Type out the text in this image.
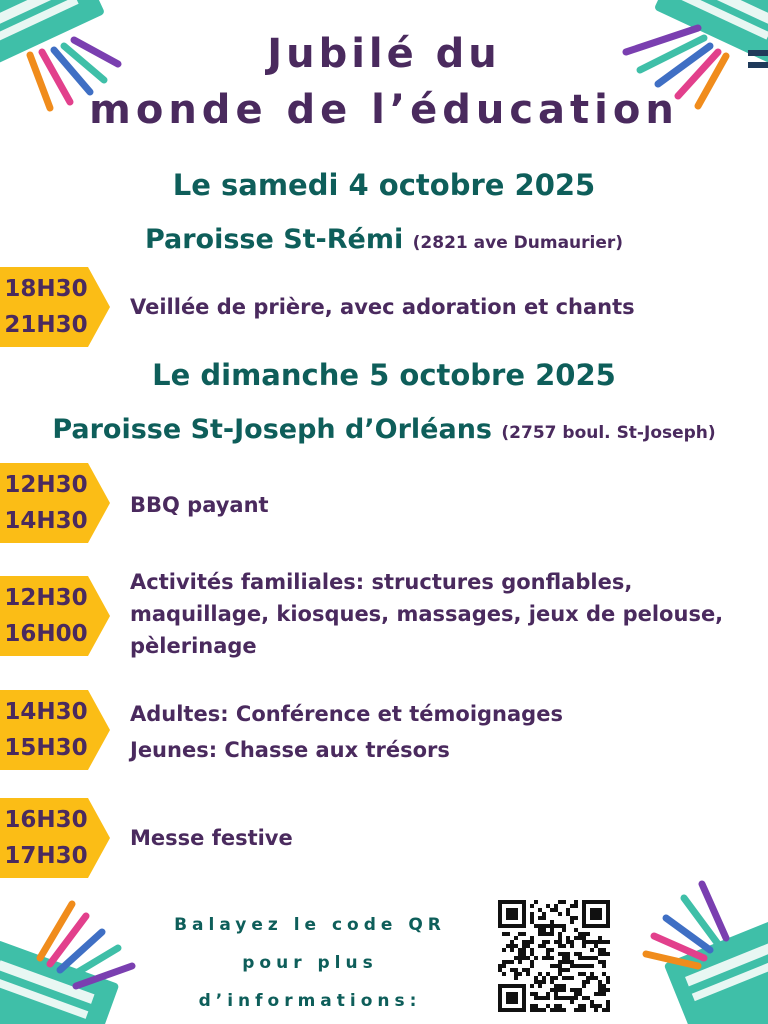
Jubilé du
monde de l’éducation
Le samedi 4 octobre 2025
Paroisse St-Rémi (2821 ave Dumaurier)
18H30
21H30
Veillée de prière, avec adoration et chants
Le dimanche 5 octobre 2025
Paroisse St-Joseph d’Orléans (2757 boul. St-Joseph)
12H30
14H30
BBQ payant
12H30
16H00
Activités familiales: structures gonflables,
maquillage, kiosques, massages, jeux de pelouse,
pèlerinage
14H30
15H30
Adultes: Conférence et témoignages
Jeunes: Chasse aux trésors
16H30
17H30
Messe festive
Balayez le code QR
pour plus
d’informations:
